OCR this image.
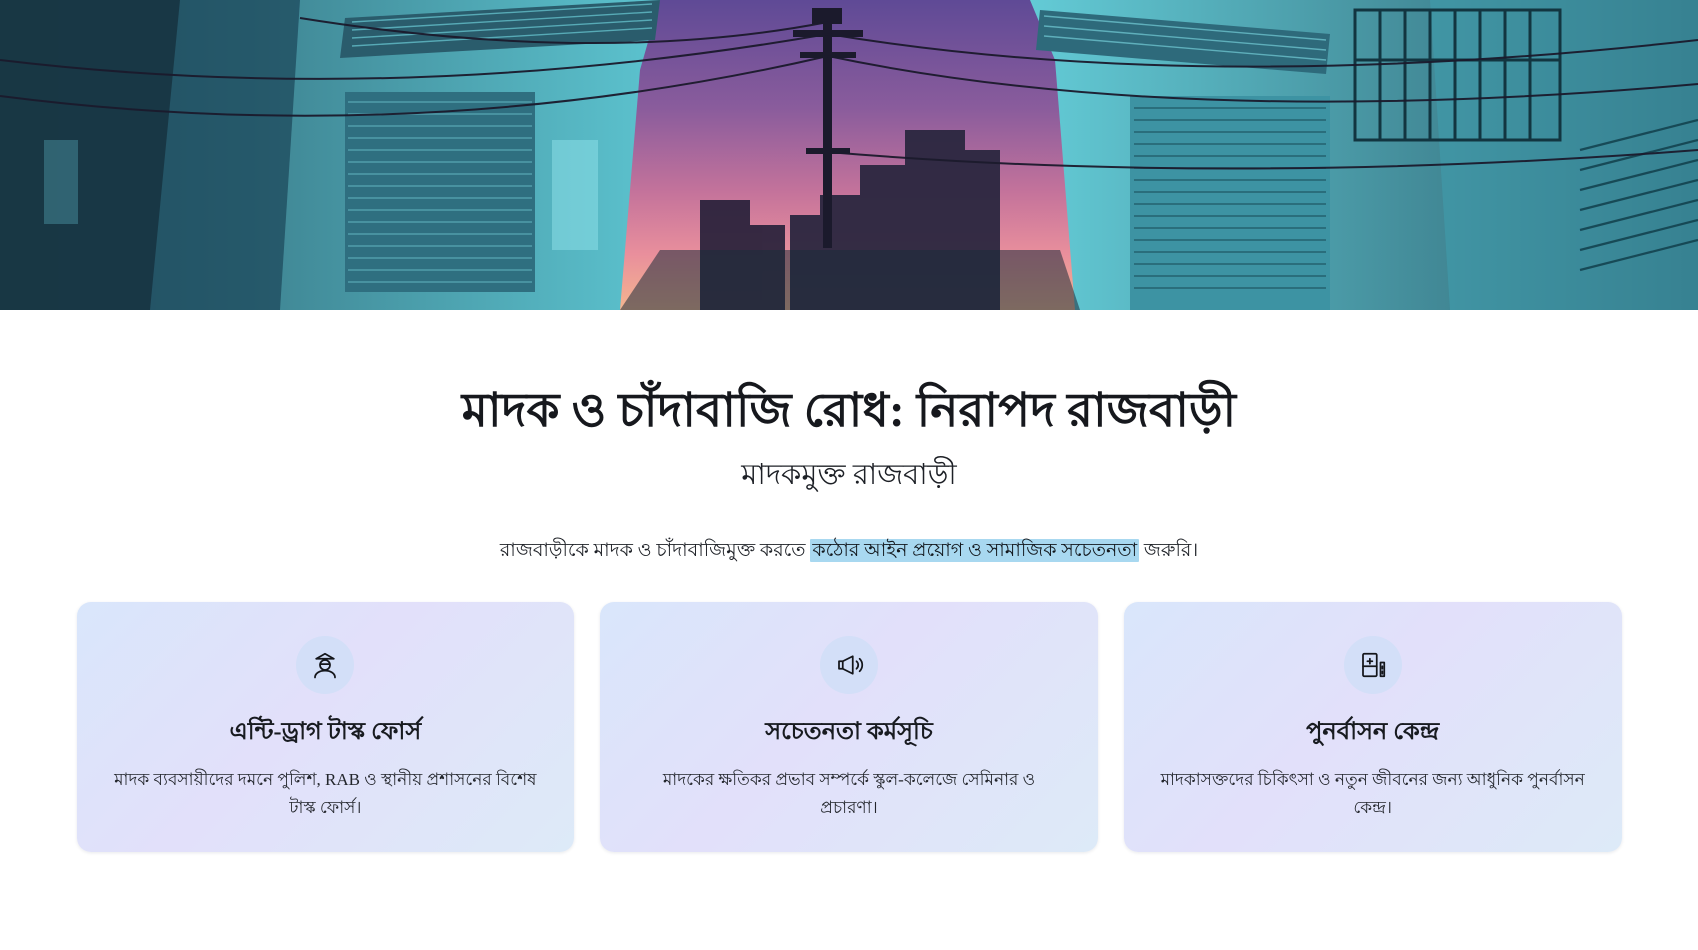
মাদক ও চাঁদাবাজি রোধ: নিরাপদ রাজবাড়ী
মাদকমুক্ত রাজবাড়ী

রাজবাড়ীকে মাদক ও চাঁদাবাজিমুক্ত করতে কঠোর আইন প্রয়োগ ও সামাজিক সচেতনতা জরুরি।

এন্টি-ড্রাগ টাস্ক ফোর্স

মাদক ব্যবসায়ীদের দমনে পুলিশ, RAB ও স্থানীয় প্রশাসনের বিশেষ টাস্ক ফোর্স।

সচেতনতা কর্মসূচি

মাদকের ক্ষতিকর প্রভাব সম্পর্কে স্কুল-কলেজে সেমিনার ও প্রচারণা।

পুনর্বাসন কেন্দ্র

মাদকাসক্তদের চিকিৎসা ও নতুন জীবনের জন্য আধুনিক পুনর্বাসন কেন্দ্র।
